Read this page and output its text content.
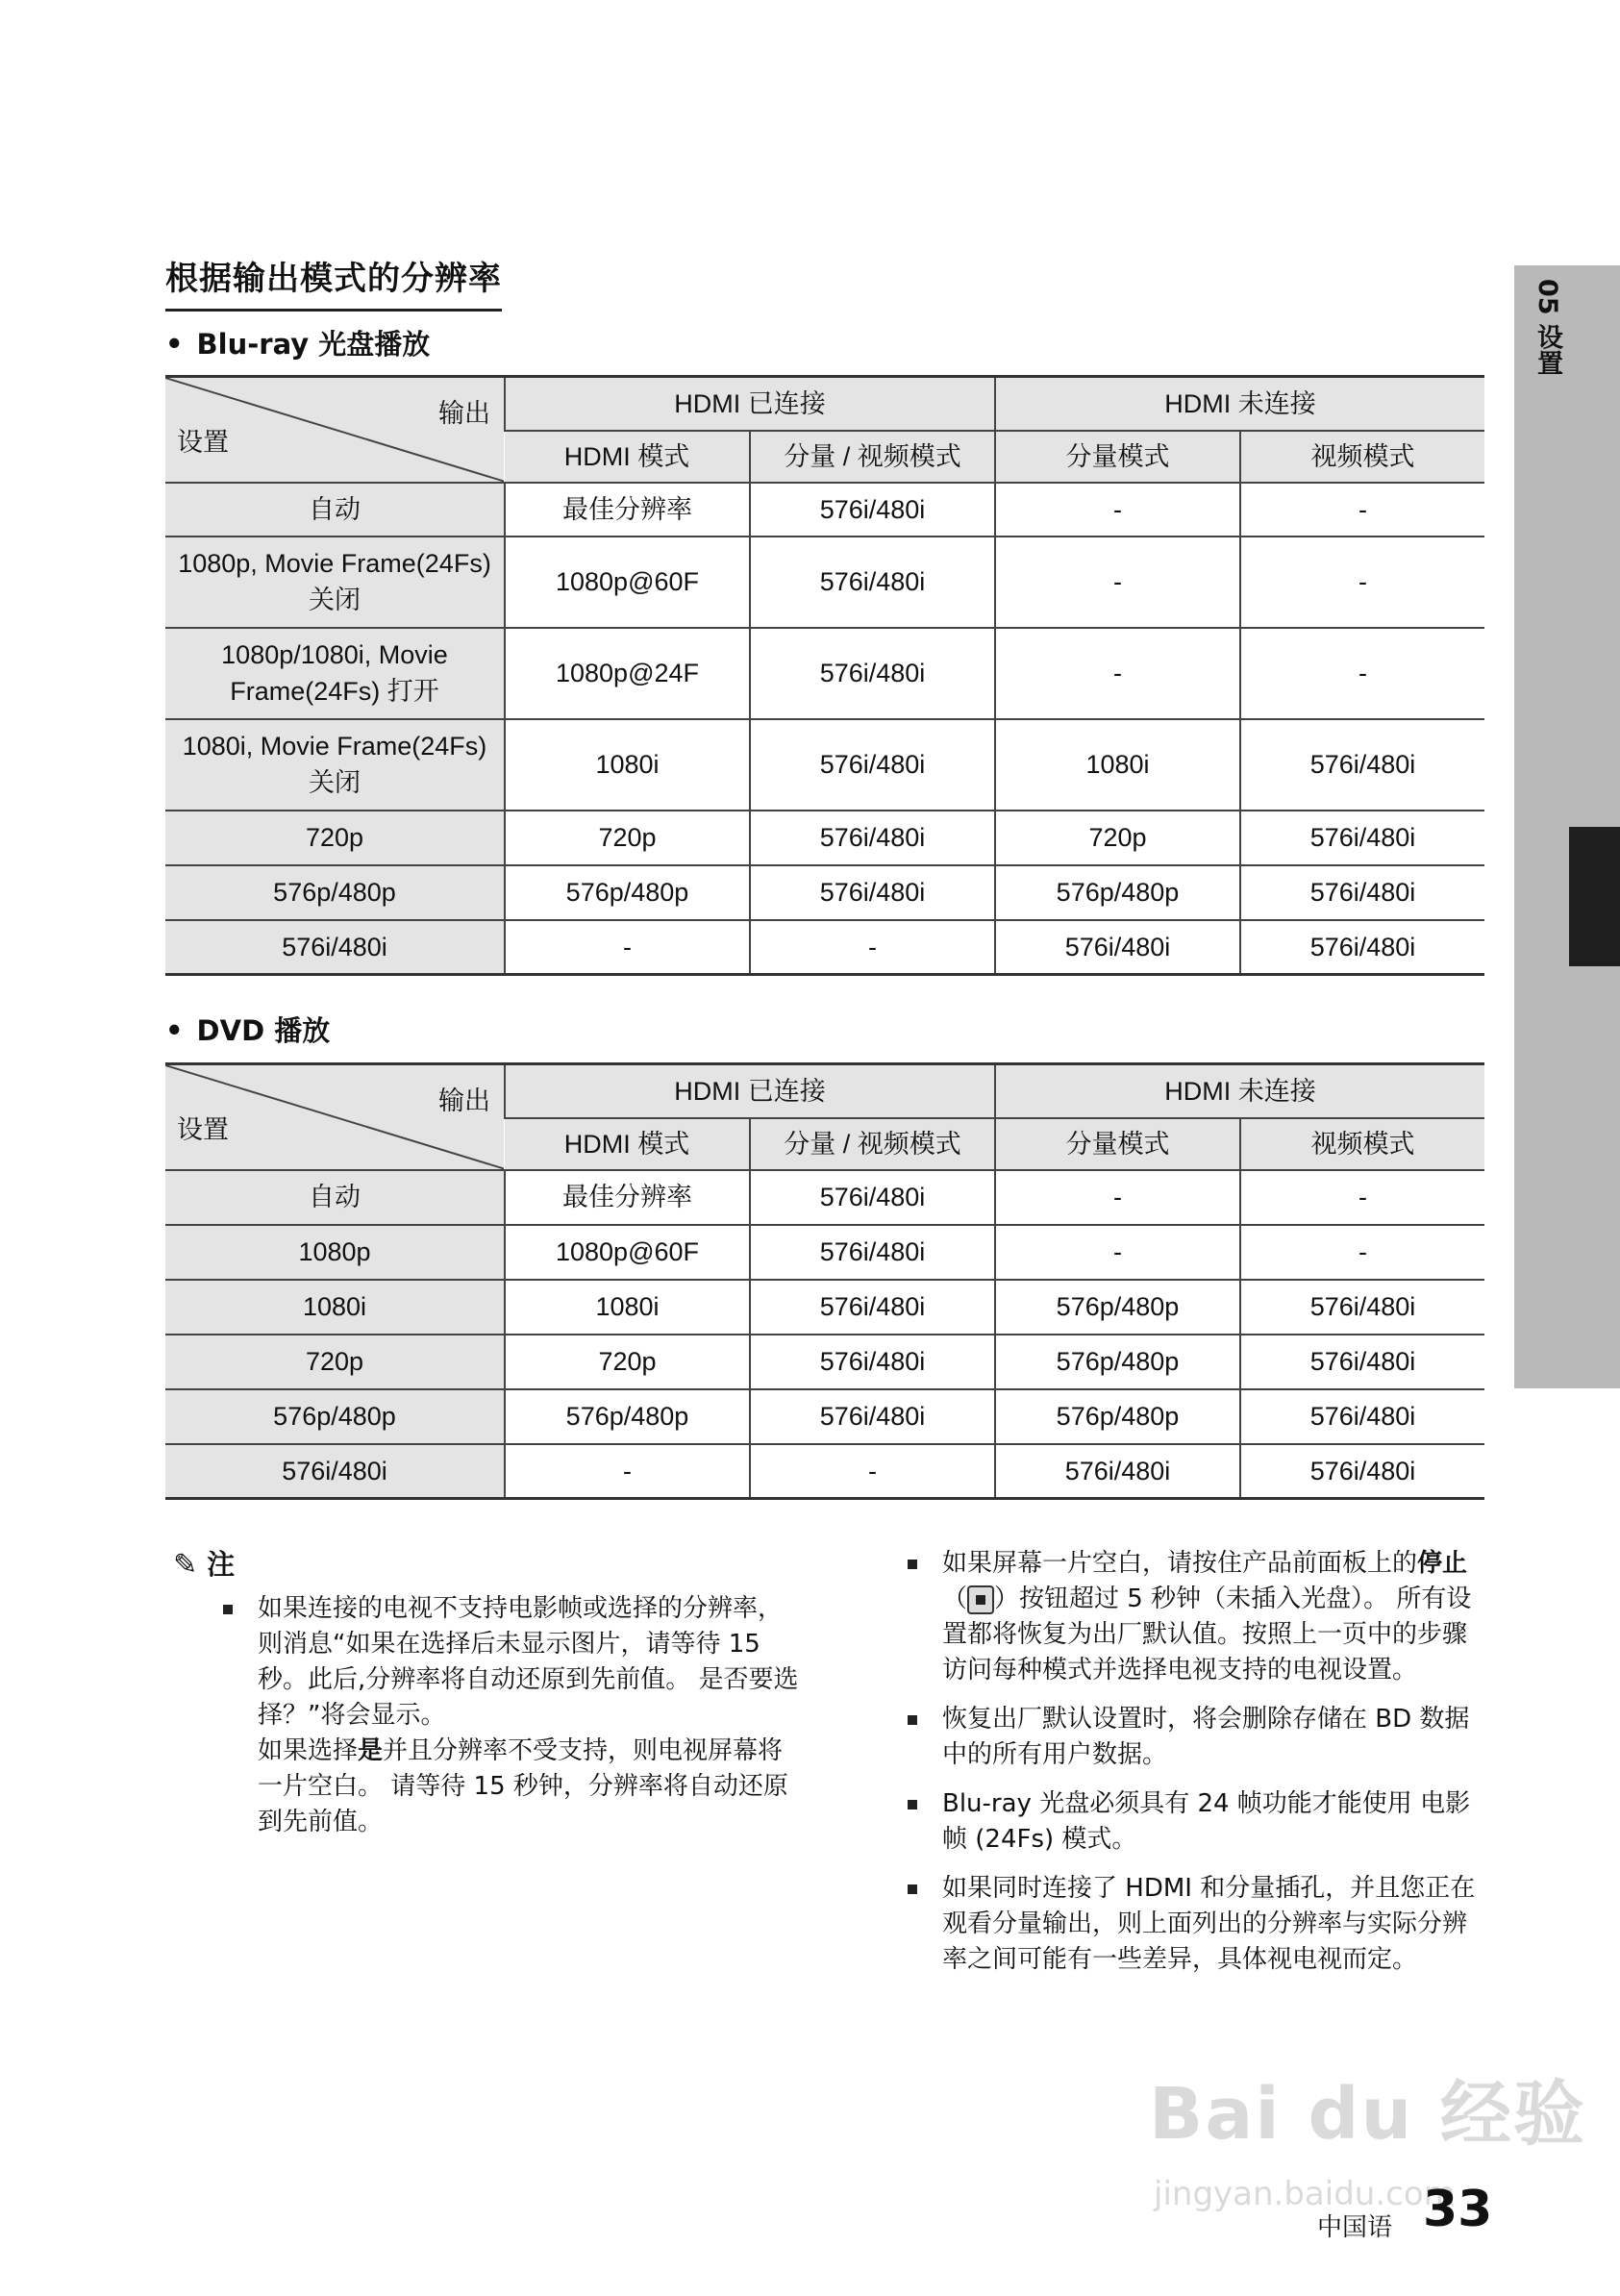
05 设置
根据输出模式的分辨率
• Blu-ray 光盘播放
输出
设置	HDMI 已连接		HDMI 未连接	
	HDMI 模式	分量 / 视频模式	分量模式	视频模式
自动	最佳分辨率	576i/480i	-	-
1080p, Movie Frame(24Fs) 关闭	1080p@60F	576i/480i	-	-
1080p/1080i, Movie Frame(24Fs) 打开	1080p@24F	576i/480i	-	-
1080i, Movie Frame(24Fs) 关闭	1080i	576i/480i	1080i	576i/480i
720p	720p	576i/480i	720p	576i/480i
576p/480p	576p/480p	576i/480i	576p/480p	576i/480i
576i/480i	-	-	576i/480i	576i/480i
• DVD 播放
输出
设置	HDMI 已连接		HDMI 未连接	
	HDMI 模式	分量 / 视频模式	分量模式	视频模式
自动	最佳分辨率	576i/480i	-	-
1080p	1080p@60F	576i/480i	-	-
1080i	1080i	576i/480i	576p/480p	576i/480i
720p	720p	576i/480i	576p/480p	576i/480i
576p/480p	576p/480p	576i/480i	576p/480p	576i/480i
576i/480i	-	-	576i/480i	576i/480i
✎ 注
如果连接的电视不支持电影帧或选择的分辨率，则消息“如果在选择后未显示图片，请等待 15 秒。此后,分辨率将自动还原到先前值。 是否要选择？”将会显示。
如果选择是并且分辨率不受支持，则电视屏幕将一片空白。 请等待 15 秒钟，分辨率将自动还原到先前值。
如果屏幕一片空白，请按住产品前面板上的停止（ ）按钮超过 5 秒钟（未插入光盘）。 所有设置都将恢复为出厂默认值。按照上一页中的步骤访问每种模式并选择电视支持的电视设置。
恢复出厂默认设置时，将会删除存储在 BD 数据中的所有用户数据。
Blu-ray 光盘必须具有 24 帧功能才能使用 电影帧 (24Fs) 模式。
如果同时连接了 HDMI 和分量插孔，并且您正在观看分量输出，则上面列出的分辨率与实际分辨率之间可能有一些差异，具体视电视而定。
Bai du 经验
jingyan.baidu.com
中国语 33
